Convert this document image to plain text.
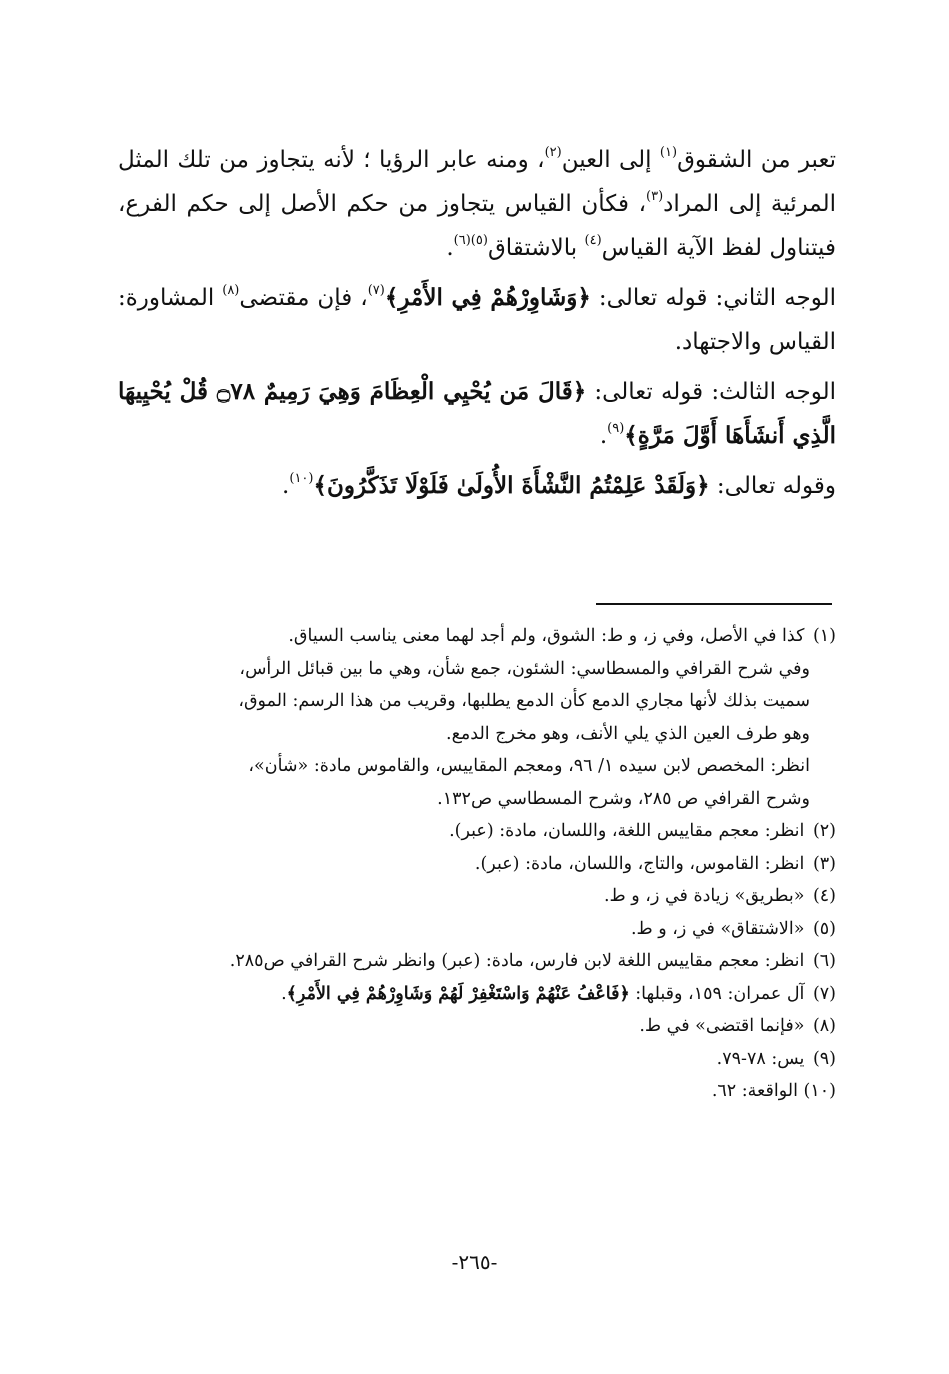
تعبر من الشقوق$^{(١)}$ إلى العين$^{(٢)}$، ومنه عابر الرؤيا ؛ لأنه يتجاوز من تلك المثل المرئية إلى المراد$^{(٣)}$، فكأن القياس يتجاوز من حكم الأصل إلى حكم الفرع، فيتناول لفظ الآية القياس$^{(٤)}$ بالاشتقاق$^{(٥)(٦)}$.

الوجه الثاني: قوله تعالى: ﴿وَشَاوِرْهُمْ فِي الأَمْرِ﴾$^{(٧)}$، فإن مقتضى$^{(٨)}$ المشاورة: القياس والاجتهاد.

الوجه الثالث: قوله تعالى: ﴿قَالَ مَن يُحْيِي الْعِظَامَ وَهِيَ رَمِيمٌ ۝٧٨ قُلْ يُحْيِيهَا الَّذِي أَنشَأَهَا أَوَّلَ مَرَّةٍ﴾$^{(٩)}$.

وقوله تعالى: ﴿وَلَقَدْ عَلِمْتُمُ النَّشْأَةَ الأُولَىٰ فَلَوْلَا تَذَكَّرُونَ﴾$^{(١٠)}$.

(١) كذا في الأصل، وفي ز، و ط: الشوق، ولم أجد لهما معنى يناسب السياق.
وفي شرح القرافي والمسطاسي: الشئون، جمع شأن، وهي ما بين قبائل الرأس،
سميت بذلك لأنها مجاري الدمع كأن الدمع يطلبها، وقريب من هذا الرسم: الموق،
وهو طرف العين الذي يلي الأنف، وهو مخرج الدمع.
انظر: المخصص لابن سيده ١/ ٩٦، ومعجم المقاييس، والقاموس مادة: «شأن»،
وشرح القرافي ص ٢٨٥، وشرح المسطاسي ص١٣٢.
(٢) انظر: معجم مقاييس اللغة، واللسان، مادة: (عبر).
(٣) انظر: القاموس، والتاج، واللسان، مادة: (عبر).
(٤) «بطريق» زيادة في ز، و ط.
(٥) «الاشتقاق» في ز، و ط.
(٦) انظر: معجم مقاييس اللغة لابن فارس، مادة: (عبر) وانظر شرح القرافي ص٢٨٥.
(٧) آل عمران: ١٥٩، وقبلها: ﴿فَاعْفُ عَنْهُمْ وَاسْتَغْفِرْ لَهُمْ وَشَاوِرْهُمْ فِي الأَمْرِ﴾.
(٨) «فإنما اقتضى» في ط.
(٩) يس: ٧٨-٧٩.
(١٠) الواقعة: ٦٢.
-٢٦٥-
